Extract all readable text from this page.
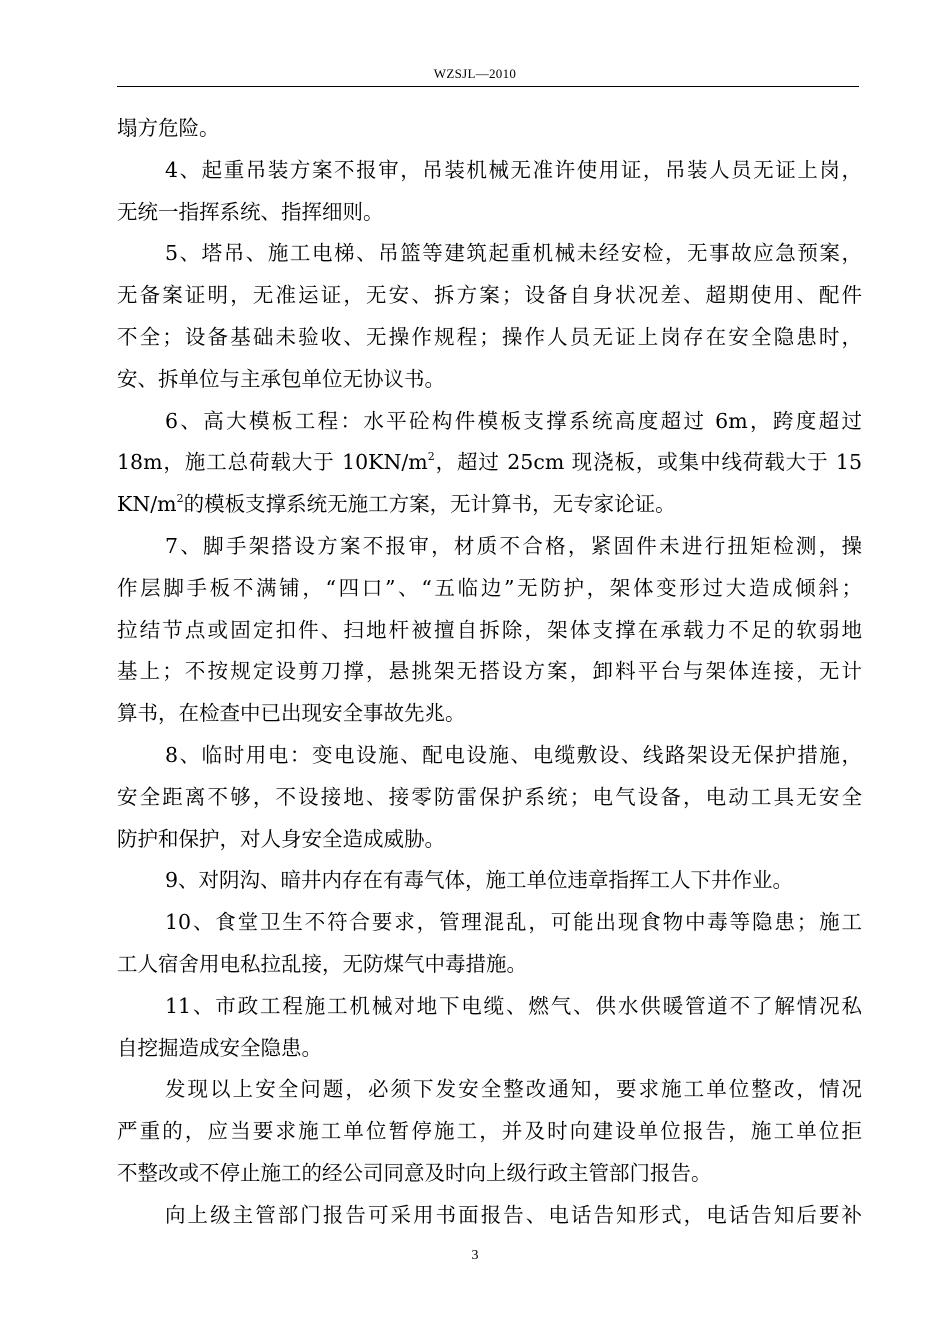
WZSJL—2010
塌方危险。
4、起重吊装方案不报审，吊装机械无准许使用证，吊装人员无证上岗，
无统一指挥系统、指挥细则。
5、塔吊、施工电梯、吊篮等建筑起重机械未经安检，无事故应急预案，
无备案证明，无准运证，无安、拆方案；设备自身状况差、超期使用、配件
不全；设备基础未验收、无操作规程；操作人员无证上岗存在安全隐患时，
安、拆单位与主承包单位无协议书。
6、高大模板工程：水平砼构件模板支撑系统高度超过 6m，跨度超过
18m，施工总荷载大于 $10KN/m^2$，超过 25cm 现浇板，或集中线荷载大于 15
$KN/m^2$的模板支撑系统无施工方案，无计算书，无专家论证。
7、脚手架搭设方案不报审，材质不合格，紧固件未进行扭矩检测，操
作层脚手板不满铺，“四口”、“五临边”无防护，架体变形过大造成倾斜；
拉结节点或固定扣件、扫地杆被擅自拆除，架体支撑在承载力不足的软弱地
基上；不按规定设剪刀撑，悬挑架无搭设方案，卸料平台与架体连接，无计
算书，在检查中已出现安全事故先兆。
8、临时用电：变电设施、配电设施、电缆敷设、线路架设无保护措施，
安全距离不够，不设接地、接零防雷保护系统；电气设备，电动工具无安全
防护和保护，对人身安全造成威胁。
9、对阴沟、暗井内存在有毒气体，施工单位违章指挥工人下井作业。
10、食堂卫生不符合要求，管理混乱，可能出现食物中毒等隐患；施工
工人宿舍用电私拉乱接，无防煤气中毒措施。
11、市政工程施工机械对地下电缆、燃气、供水供暖管道不了解情况私
自挖掘造成安全隐患。
发现以上安全问题，必须下发安全整改通知，要求施工单位整改，情况
严重的，应当要求施工单位暂停施工，并及时向建设单位报告，施工单位拒
不整改或不停止施工的经公司同意及时向上级行政主管部门报告。
向上级主管部门报告可采用书面报告、电话告知形式，电话告知后要补
3
